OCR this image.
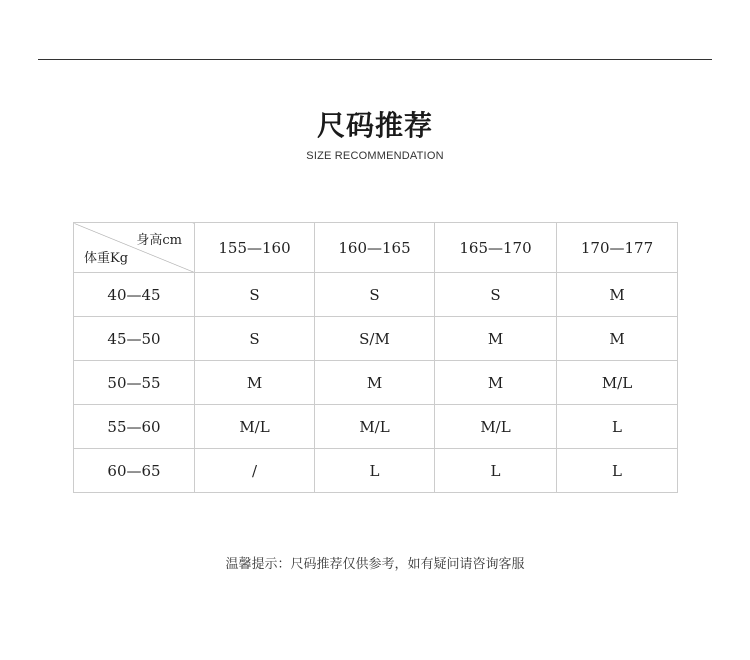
尺码推荐
SIZE RECOMMENDATION
身高cm
体重Kg	155—160	160—165	165—170	170—177
40—45	S	S	S	M
45—50	S	S/M	M	M
50—55	M	M	M	M/L
55—60	M/L	M/L	M/L	L
60—65	/	L	L	L
温馨提示：尺码推荐仅供参考，如有疑问请咨询客服
